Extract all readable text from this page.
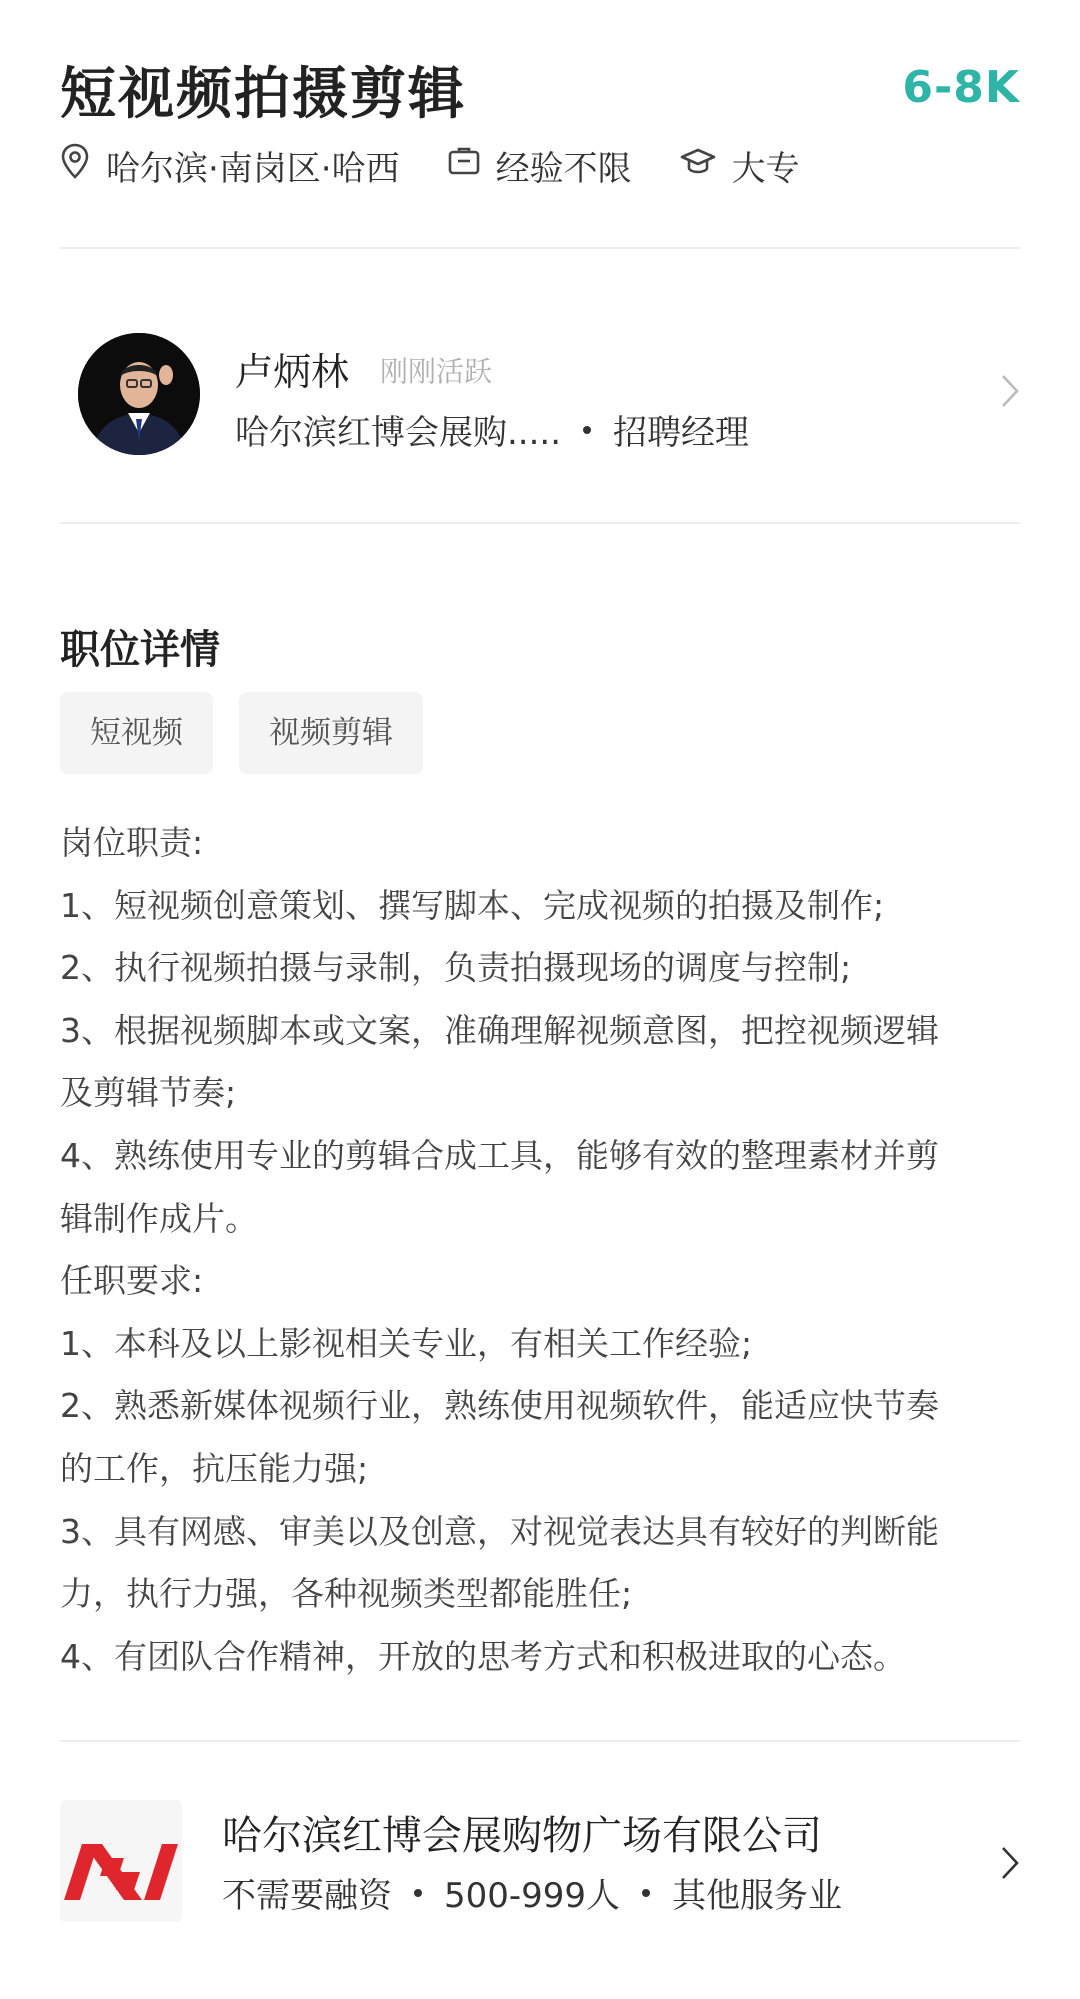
短视频拍摄剪辑	6-8K
哈尔滨·南岗区·哈西	经验不限	大专
卢炳林 刚刚活跃
哈尔滨红博会展购..... 招聘经理
职位详情
短视频	视频剪辑
岗位职责:
1、短视频创意策划、撰写脚本、完成视频的拍摄及制作;
2、执行视频拍摄与录制，负责拍摄现场的调度与控制;
3、根据视频脚本或文案，准确理解视频意图，把控视频逻辑
及剪辑节奏;
4、熟练使用专业的剪辑合成工具，能够有效的整理素材并剪
辑制作成片。
任职要求:
1、本科及以上影视相关专业，有相关工作经验;
2、熟悉新媒体视频行业，熟练使用视频软件，能适应快节奏
的工作，抗压能力强;
3、具有网感、审美以及创意，对视觉表达具有较好的判断能
力，执行力强，各种视频类型都能胜任;
4、有团队合作精神，开放的思考方式和积极进取的心态。
哈尔滨红博会展购物广场有限公司
不需要融资 500-999人 其他服务业
